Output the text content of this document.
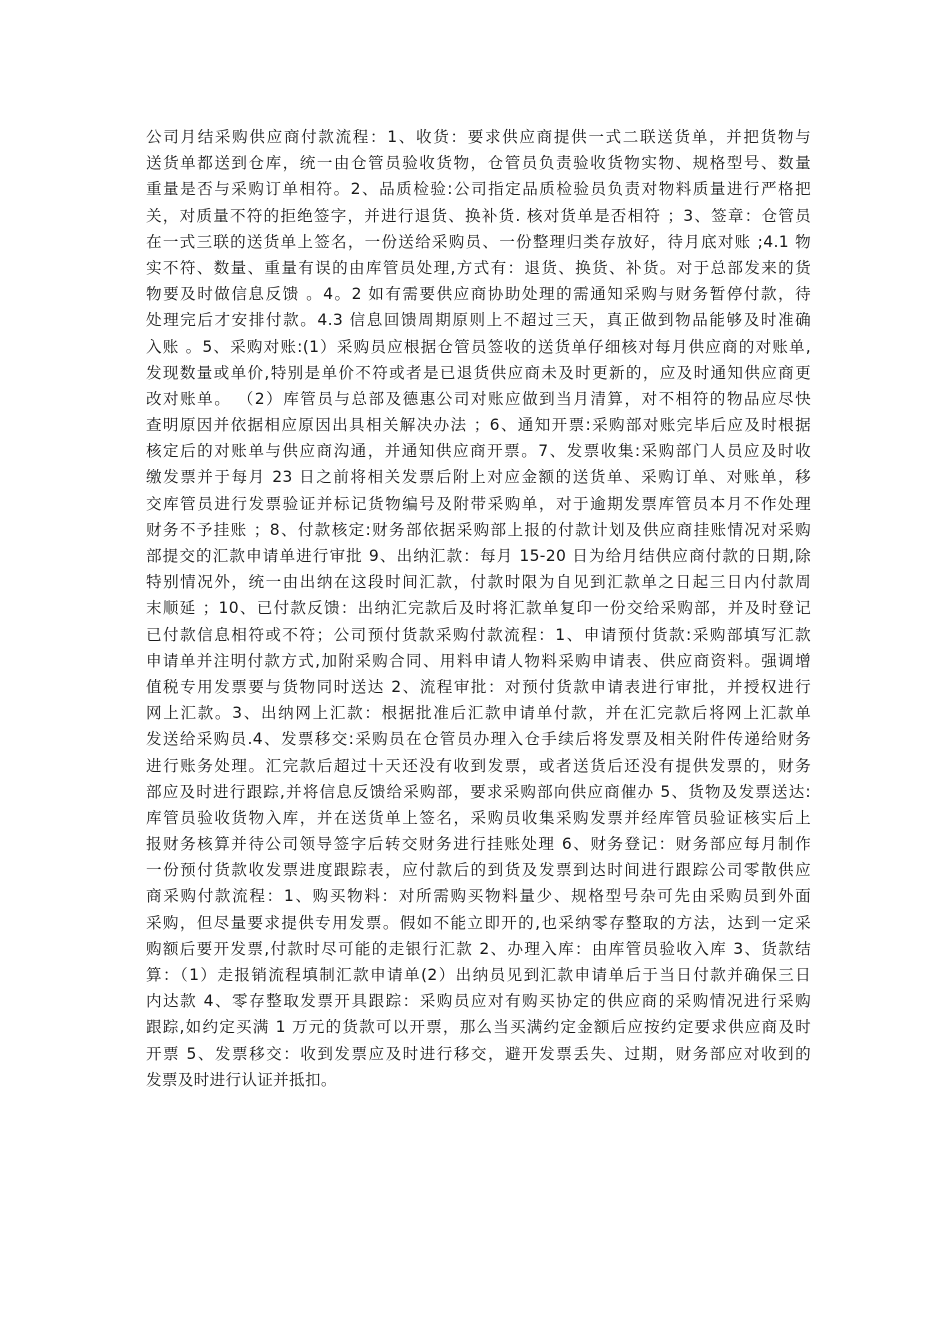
公司月结采购供应商付款流程：1、收货：要求供应商提供一式二联送货单，并把货物与
送货单都送到仓库，统一由仓管员验收货物，仓管员负责验收货物实物、规格型号、数量
重量是否与采购订单相符。2、品质检验:公司指定品质检验员负责对物料质量进行严格把
关，对质量不符的拒绝签字，并进行退货、换补货. 核对货单是否相符 ；3、签章：仓管员
在一式三联的送货单上签名，一份送给采购员、一份整理归类存放好，待月底对账 ;4.1 物
实不符、数量、重量有误的由库管员处理,方式有：退货、换货、补货。对于总部发来的货
物要及时做信息反馈 。4。2 如有需要供应商协助处理的需通知采购与财务暂停付款，待
处理完后才安排付款。4.3 信息回馈周期原则上不超过三天，真正做到物品能够及时准确
入账 。5、采购对账:(1）采购员应根据仓管员签收的送货单仔细核对每月供应商的对账单,
发现数量或单价,特别是单价不符或者是已退货供应商未及时更新的，应及时通知供应商更
改对账单。 （2）库管员与总部及德惠公司对账应做到当月清算，对不相符的物品应尽快
查明原因并依据相应原因出具相关解决办法 ；6、通知开票:采购部对账完毕后应及时根据
核定后的对账单与供应商沟通，并通知供应商开票。7、发票收集:采购部门人员应及时收
缴发票并于每月 23 日之前将相关发票后附上对应金额的送货单、采购订单、对账单，移
交库管员进行发票验证并标记货物编号及附带采购单，对于逾期发票库管员本月不作处理
财务不予挂账 ；8、付款核定:财务部依据采购部上报的付款计划及供应商挂账情况对采购
部提交的汇款申请单进行审批 9、出纳汇款：每月 15-20 日为给月结供应商付款的日期,除
特别情况外，统一由出纳在这段时间汇款，付款时限为自见到汇款单之日起三日内付款周
末顺延 ；10、已付款反馈：出纳汇完款后及时将汇款单复印一份交给采购部，并及时登记
已付款信息相符或不符；公司预付货款采购付款流程：1、申请预付货款:采购部填写汇款
申请单并注明付款方式,加附采购合同、用料申请人物料采购申请表、供应商资料。强调增
值税专用发票要与货物同时送达 2、流程审批：对预付货款申请表进行审批，并授权进行
网上汇款。3、出纳网上汇款：根据批准后汇款申请单付款，并在汇完款后将网上汇款单
发送给采购员.4、发票移交:采购员在仓管员办理入仓手续后将发票及相关附件传递给财务
进行账务处理。汇完款后超过十天还没有收到发票，或者送货后还没有提供发票的，财务
部应及时进行跟踪,并将信息反馈给采购部，要求采购部向供应商催办 5、货物及发票送达:
库管员验收货物入库，并在送货单上签名，采购员收集采购发票并经库管员验证核实后上
报财务核算并待公司领导签字后转交财务进行挂账处理 6、财务登记：财务部应每月制作
一份预付货款收发票进度跟踪表，应付款后的到货及发票到达时间进行跟踪公司零散供应
商采购付款流程：1、购买物料：对所需购买物料量少、规格型号杂可先由采购员到外面
采购，但尽量要求提供专用发票。假如不能立即开的,也采纳零存整取的方法，达到一定采
购额后要开发票,付款时尽可能的走银行汇款 2、办理入库：由库管员验收入库 3、货款结
算：（1）走报销流程填制汇款申请单(2）出纳员见到汇款申请单后于当日付款并确保三日
内达款 4、零存整取发票开具跟踪：采购员应对有购买协定的供应商的采购情况进行采购
跟踪,如约定买满 1 万元的货款可以开票，那么当买满约定金额后应按约定要求供应商及时
开票 5、发票移交：收到发票应及时进行移交，避开发票丢失、过期，财务部应对收到的
发票及时进行认证并抵扣。
